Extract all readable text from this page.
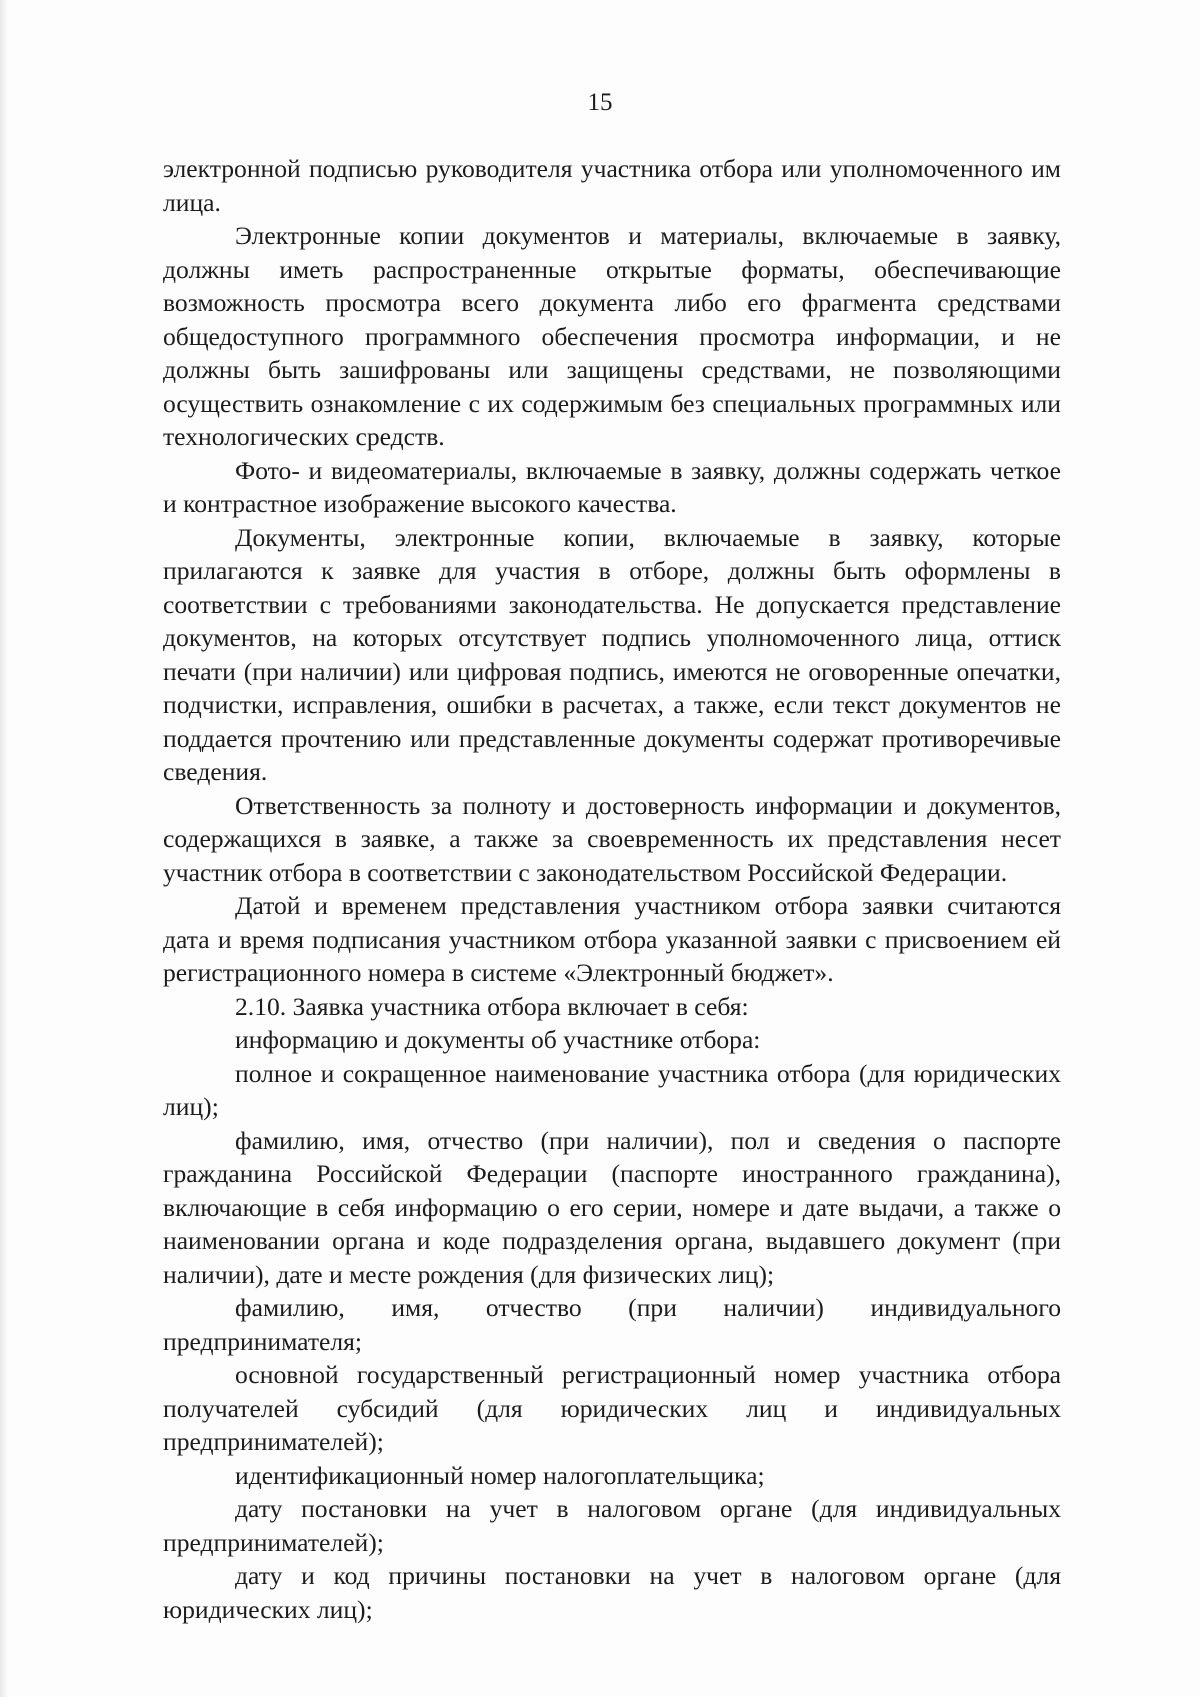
15

электронной подписью руководителя участника отбора или уполномоченного им лица.

Электронные копии документов и материалы, включаемые в заявку, должны иметь распространенные открытые форматы, обеспечивающие возможность просмотра всего документа либо его фрагмента средствами общедоступного программного обеспечения просмотра информации, и не должны быть зашифрованы или защищены средствами, не позволяющими осуществить ознакомление с их содержимым без специальных программных или технологических средств.

Фото- и видеоматериалы, включаемые в заявку, должны содержать четкое и контрастное изображение высокого качества.

Документы, электронные копии, включаемые в заявку, которые прилагаются к заявке для участия в отборе, должны быть оформлены в соответствии с требованиями законодательства. Не допускается представление документов, на которых отсутствует подпись уполномоченного лица, оттиск печати (при наличии) или цифровая подпись, имеются не оговоренные опечатки, подчистки, исправления, ошибки в расчетах, а также, если текст документов не поддается прочтению или представленные документы содержат противоречивые сведения.

Ответственность за полноту и достоверность информации и документов, содержащихся в заявке, а также за своевременность их представления несет участник отбора в соответствии с законодательством Российской Федерации.

Датой и временем представления участником отбора заявки считаются дата и время подписания участником отбора указанной заявки с присвоением ей регистрационного номера в системе «Электронный бюджет».

2.10. Заявка участника отбора включает в себя:

информацию и документы об участнике отбора:

полное и сокращенное наименование участника отбора (для юридических лиц);

фамилию, имя, отчество (при наличии), пол и сведения о паспорте гражданина Российской Федерации (паспорте иностранного гражданина), включающие в себя информацию о его серии, номере и дате выдачи, а также о наименовании органа и коде подразделения органа, выдавшего документ (при наличии), дате и месте рождения (для физических лиц);

фамилию, имя, отчество (при наличии) индивидуального предпринимателя;

основной государственный регистрационный номер участника отбора получателей субсидий (для юридических лиц и индивидуальных предпринимателей);

идентификационный номер налогоплательщика;

дату постановки на учет в налоговом органе (для индивидуальных предпринимателей);

дату и код причины постановки на учет в налоговом органе (для юридических лиц);
